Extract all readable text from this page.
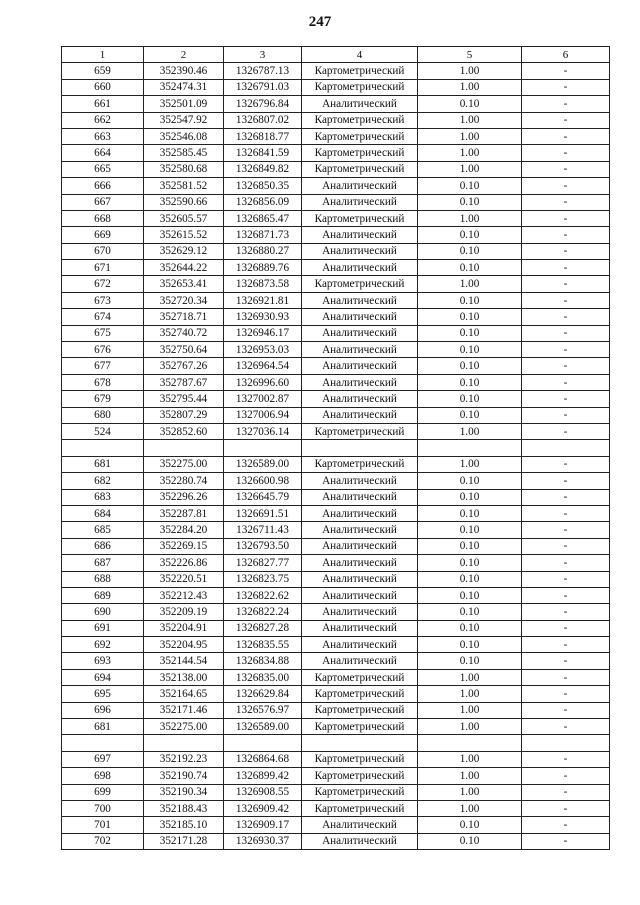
247
1	2	3	4	5	6
659	352390.46	1326787.13	Картометрический	1.00	-
660	352474.31	1326791.03	Картометрический	1.00	-
661	352501.09	1326796.84	Аналитический	0.10	-
662	352547.92	1326807.02	Картометрический	1.00	-
663	352546.08	1326818.77	Картометрический	1.00	-
664	352585.45	1326841.59	Картометрический	1.00	-
665	352580.68	1326849.82	Картометрический	1.00	-
666	352581.52	1326850.35	Аналитический	0.10	-
667	352590.66	1326856.09	Аналитический	0.10	-
668	352605.57	1326865.47	Картометрический	1.00	-
669	352615.52	1326871.73	Аналитический	0.10	-
670	352629.12	1326880.27	Аналитический	0.10	-
671	352644.22	1326889.76	Аналитический	0.10	-
672	352653.41	1326873.58	Картометрический	1.00	-
673	352720.34	1326921.81	Аналитический	0.10	-
674	352718.71	1326930.93	Аналитический	0.10	-
675	352740.72	1326946.17	Аналитический	0.10	-
676	352750.64	1326953.03	Аналитический	0.10	-
677	352767.26	1326964.54	Аналитический	0.10	-
678	352787.67	1326996.60	Аналитический	0.10	-
679	352795.44	1327002.87	Аналитический	0.10	-
680	352807.29	1327006.94	Аналитический	0.10	-
524	352852.60	1327036.14	Картометрический	1.00	-

681	352275.00	1326589.00	Картометрический	1.00	-
682	352280.74	1326600.98	Аналитический	0.10	-
683	352296.26	1326645.79	Аналитический	0.10	-
684	352287.81	1326691.51	Аналитический	0.10	-
685	352284.20	1326711.43	Аналитический	0.10	-
686	352269.15	1326793.50	Аналитический	0.10	-
687	352226.86	1326827.77	Аналитический	0.10	-
688	352220.51	1326823.75	Аналитический	0.10	-
689	352212.43	1326822.62	Аналитический	0.10	-
690	352209.19	1326822.24	Аналитический	0.10	-
691	352204.91	1326827.28	Аналитический	0.10	-
692	352204.95	1326835.55	Аналитический	0.10	-
693	352144.54	1326834.88	Аналитический	0.10	-
694	352138.00	1326835.00	Картометрический	1.00	-
695	352164.65	1326629.84	Картометрический	1.00	-
696	352171.46	1326576.97	Картометрический	1.00	-
681	352275.00	1326589.00	Картометрический	1.00	-

697	352192.23	1326864.68	Картометрический	1.00	-
698	352190.74	1326899.42	Картометрический	1.00	-
699	352190.34	1326908.55	Картометрический	1.00	-
700	352188.43	1326909.42	Картометрический	1.00	-
701	352185.10	1326909.17	Аналитический	0.10	-
702	352171.28	1326930.37	Аналитический	0.10	-
